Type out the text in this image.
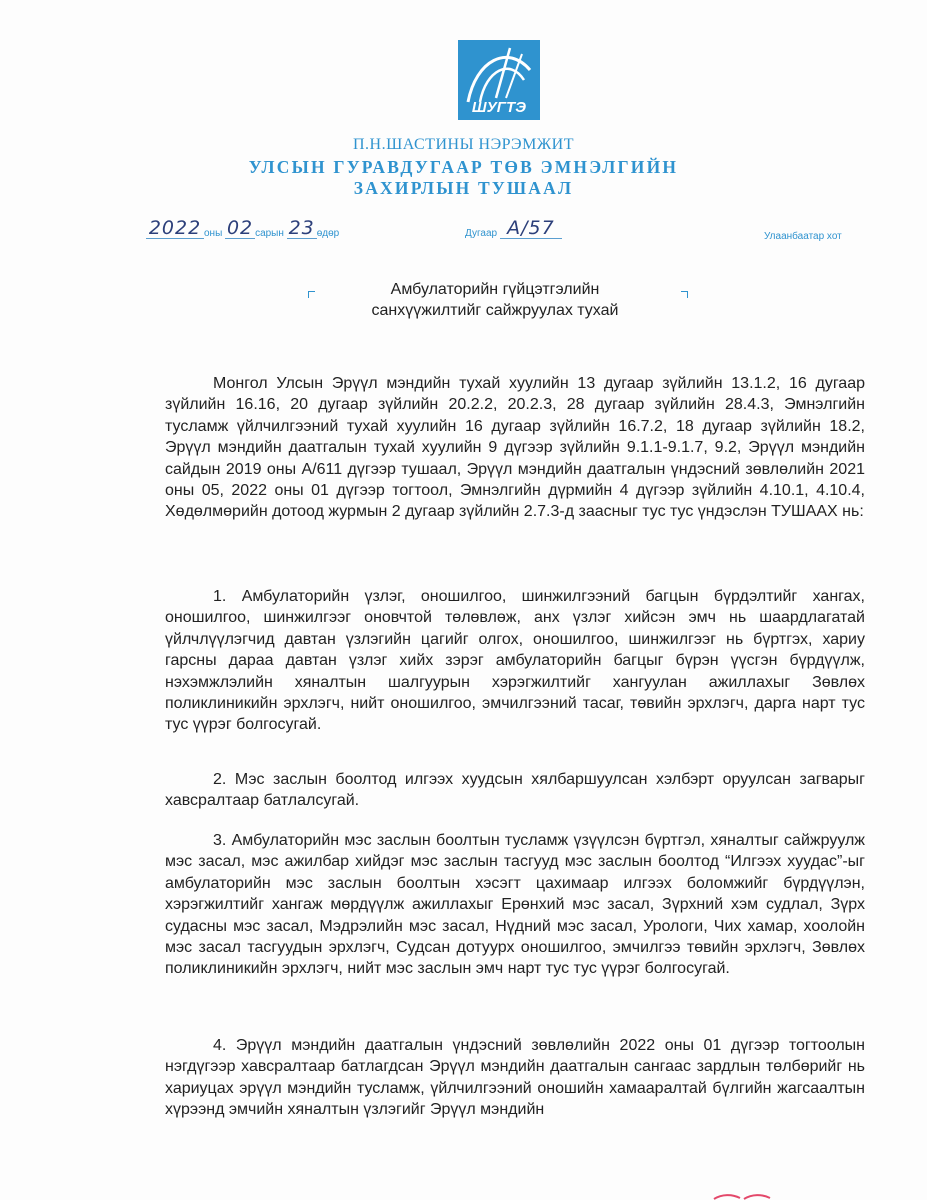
ШУГТЭ
П.Н.ШАСТИНЫ НЭРЭМЖИТ
УЛСЫН ГУРАВДУГААР ТӨВ ЭМНЭЛГИЙН
ЗАХИРЛЫН ТУШААЛ
2022 оны 02 сарын 23 өдөр	Дугаар А/57	Улаанбаатар хот
Амбулаторийн гүйцэтгэлийн
санхүүжилтийг сайжруулах тухай

Монгол Улсын Эрүүл мэндийн тухай хуулийн 13 дугаар зүйлийн 13.1.2, 16 дугаар зүйлийн 16.16, 20 дугаар зүйлийн 20.2.2, 20.2.3, 28 дугаар зүйлийн 28.4.3, Эмнэлгийн тусламж үйлчилгээний тухай хуулийн 16 дугаар зүйлийн 16.7.2, 18 дугаар зүйлийн 18.2, Эрүүл мэндийн даатгалын тухай хуулийн 9 дүгээр зүйлийн 9.1.1-9.1.7, 9.2, Эрүүл мэндийн сайдын 2019 оны А/611 дүгээр тушаал, Эрүүл мэндийн даатгалын үндэсний зөвлөлийн 2021 оны 05, 2022 оны 01 дүгээр тогтоол, Эмнэлгийн дүрмийн 4 дүгээр зүйлийн 4.10.1, 4.10.4, Хөдөлмөрийн дотоод журмын 2 дугаар зүйлийн 2.7.3-д заасныг тус тус үндэслэн ТУШААХ нь:

1. Амбулаторийн үзлэг, оношилгоо, шинжилгээний багцын бүрдэлтийг хангах, оношилгоо, шинжилгээг оновчтой төлөвлөж, анх үзлэг хийсэн эмч нь шаардлагатай үйлчлүүлэгчид давтан үзлэгийн цагийг олгох, оношилгоо, шинжилгээг нь бүртгэх, хариу гарсны дараа давтан үзлэг хийх зэрэг амбулаторийн багцыг бүрэн үүсгэн бүрдүүлж, нэхэмжлэлийн хяналтын шалгуурын хэрэгжилтийг хангуулан ажиллахыг Зөвлөх поликлиникийн эрхлэгч, нийт оношилгоо, эмчилгээний тасаг, төвийн эрхлэгч, дарга нарт тус тус үүрэг болгосугай.

2. Мэс заслын боолтод илгээх хуудсын хялбаршуулсан хэлбэрт оруулсан загварыг хавсралтаар батлалсугай.

3. Амбулаторийн мэс заслын боолтын тусламж үзүүлсэн бүртгэл, хяналтыг сайжруулж мэс засал, мэс ажилбар хийдэг мэс заслын тасгууд мэс заслын боолтод “Илгээх хуудас”-ыг амбулаторийн мэс заслын боолтын хэсэгт цахимаар илгээх боломжийг бүрдүүлэн, хэрэгжилтийг хангаж мөрдүүлж ажиллахыг Ерөнхий мэс засал, Зүрхний хэм судлал, Зүрх судасны мэс засал, Мэдрэлийн мэс засал, Нүдний мэс засал, Урологи, Чих хамар, хоолойн мэс засал тасгуудын эрхлэгч, Судсан дотуурх оношилгоо, эмчилгээ төвийн эрхлэгч, Зөвлөх поликлиникийн эрхлэгч, нийт мэс заслын эмч нарт тус тус үүрэг болгосугай.

4. Эрүүл мэндийн даатгалын үндэсний зөвлөлийн 2022 оны 01 дүгээр тогтоолын нэгдүгээр хавсралтаар батлагдсан Эрүүл мэндийн даатгалын сангаас зардлын төлбөрийг нь хариуцах эрүүл мэндийн тусламж, үйлчилгээний оношийн хамааралтай бүлгийн жагсаалтын хүрээнд эмчийн хяналтын үзлэгийг Эрүүл мэндийн
